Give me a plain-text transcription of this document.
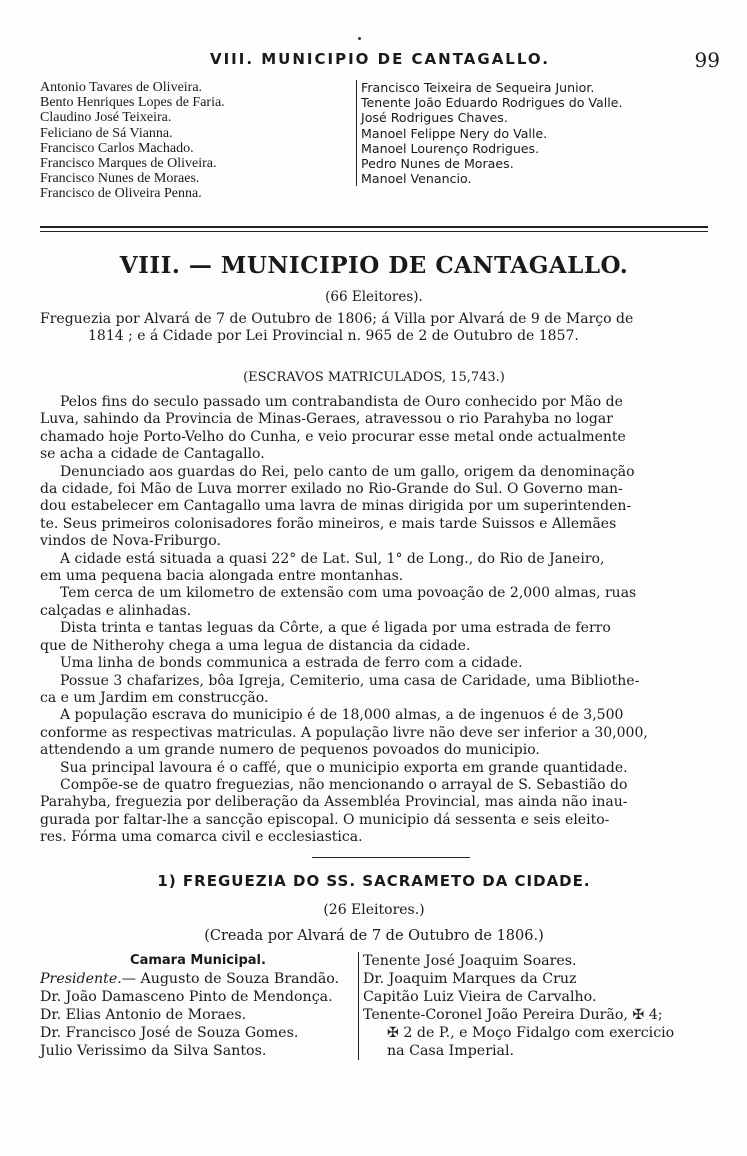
VIII. MUNICIPIO DE CANTAGALLO.	99
Antonio Tavares de Oliveira.
Bento Henriques Lopes de Faria.
Claudino José Teixeira.
Feliciano de Sá Vianna.
Francisco Carlos Machado.
Francisco Marques de Oliveira.
Francisco Nunes de Moraes.
Francisco de Oliveira Penna.
Francisco Teixeira de Sequeira Junior.
Tenente João Eduardo Rodrigues do Valle.
José Rodrigues Chaves.
Manoel Felippe Nery do Valle.
Manoel Lourenço Rodrigues.
Pedro Nunes de Moraes.
Manoel Venancio.
VIII. — MUNICIPIO DE CANTAGALLO.
(66 Eleitores).
Freguezia por Alvará de 7 de Outubro de 1806; á Villa por Alvará de 9 de Março de
1814 ; e á Cidade por Lei Provincial n. 965 de 2 de Outubro de 1857.
(ESCRAVOS MATRICULADOS, 15,743.)
Pelos fins do seculo passado um contrabandista de Ouro conhecido por Mão de
Luva, sahindo da Provincia de Minas-Geraes, atravessou o rio Parahyba no logar
chamado hoje Porto-Velho do Cunha, e veio procurar esse metal onde actualmente
se acha a cidade de Cantagallo.
Denunciado aos guardas do Rei, pelo canto de um gallo, origem da denominação
da cidade, foi Mão de Luva morrer exilado no Rio-Grande do Sul. O Governo man-
dou estabelecer em Cantagallo uma lavra de minas dirigida por um superintenden-
te. Seus primeiros colonisadores forão mineiros, e mais tarde Suissos e Allemães
vindos de Nova-Friburgo.
A cidade está situada a quasi 22° de Lat. Sul, 1° de Long., do Rio de Janeiro,
em uma pequena bacia alongada entre montanhas.
Tem cerca de um kilometro de extensão com uma povoação de 2,000 almas, ruas
calçadas e alinhadas.
Dista trinta e tantas leguas da Côrte, a que é ligada por uma estrada de ferro
que de Nitherohy chega a uma legua de distancia da cidade.
Uma linha de bonds communica a estrada de ferro com a cidade.
Possue 3 chafarizes, bôa Igreja, Cemiterio, uma casa de Caridade, uma Bibliothe-
ca e um Jardim em construcção.
A população escrava do municipio é de 18,000 almas, a de ingenuos é de 3,500
conforme as respectivas matriculas. A população livre não deve ser inferior a 30,000,
attendendo a um grande numero de pequenos povoados do municipio.
Sua principal lavoura é o caffé, que o municipio exporta em grande quantidade.
Compõe-se de quatro freguezias, não mencionando o arrayal de S. Sebastião do
Parahyba, freguezia por deliberação da Assembléa Provincial, mas ainda não inau-
gurada por faltar-lhe a sancção episcopal. O municipio dá sessenta e seis eleito-
res. Fórma uma comarca civil e ecclesiastica.
1) FREGUEZIA DO SS. SACRAMETO DA CIDADE.
(26 Eleitores.)
(Creada por Alvará de 7 de Outubro de 1806.)
Camara Municipal.
Presidente.— Augusto de Souza Brandão.
Dr. João Damasceno Pinto de Mendonça.
Dr. Elias Antonio de Moraes.
Dr. Francisco José de Souza Gomes.
Julio Verissimo da Silva Santos.
Tenente José Joaquim Soares.
Dr. Joaquim Marques da Cruz
Capitão Luiz Vieira de Carvalho.
Tenente-Coronel João Pereira Durão, ✠ 4;
✠ 2 de P., e Moço Fidalgo com exercicio
na Casa Imperial.
